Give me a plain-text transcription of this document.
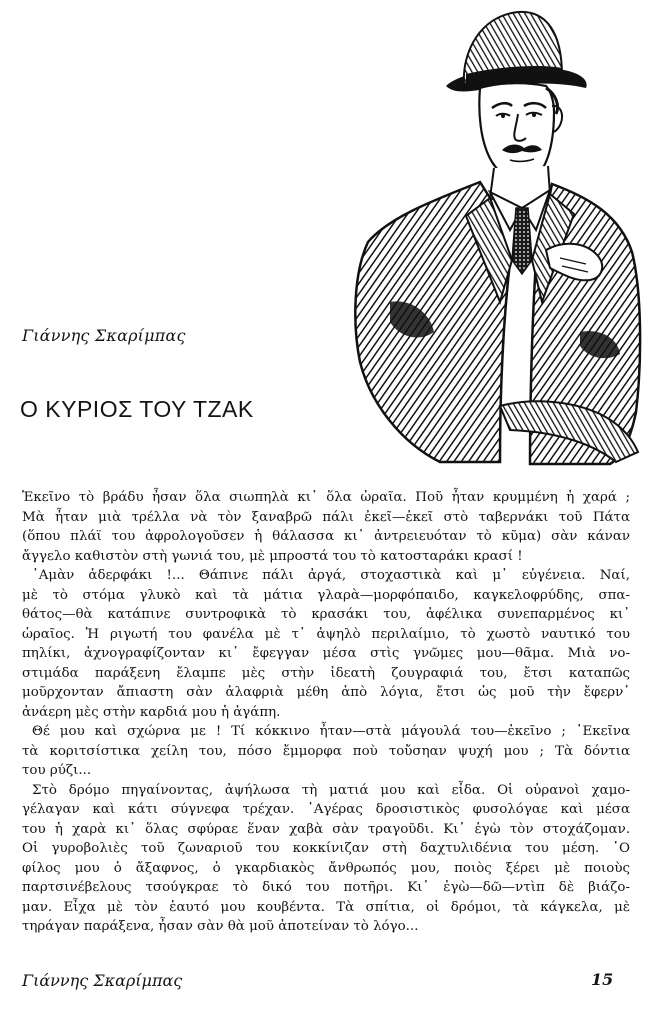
Γιάννης Σκαρίμπας
Ο ΚΥΡΙΟΣ ΤΟΥ ΤΖΑΚ

Ἐκεῖνο τὸ βράδυ ἦσαν ὅλα σιωπηλὰ κι᾽ ὅλα ὡραῖα. Ποῦ ἦταν κρυμμένη ἡ χαρά ;
Μὰ ἦταν μιὰ τρέλλα νὰ τὸν ξαναβρῶ πάλι ἐκεῖ—ἐκεῖ στὸ ταβερνάκι τοῦ Πάτα
(ὅπου πλάϊ του ἀφρολογοῦσεν ἡ θάλασσα κι᾽ ἀντρειευόταν τὸ κῦμα) σὰν κάναν
ἄγγελο καθιστὸν στὴ γωνιά του, μὲ μπροστά του τὸ κατοσταράκι κρασί !

᾽Αμὰν ἀδερφάκι !... Θάπινε πάλι ἀργά, στοχαστικὰ καὶ μ᾽ εὐγένεια. Ναί,
μὲ τὸ στόμα γλυκὸ καὶ τὰ μάτια γλαρὰ—μορφόπαιδο, καγκελοφρύδης, σπα-
θάτος—θὰ κατάπινε συντροφικὰ τὸ κρασάκι του, ἀφέλικα συνεπαρμένος κι᾽
ὡραῖος. Ἡ ριγωτή του φανέλα μὲ τ᾽ ἀψηλὸ περιλαίμιο, τὸ χωστὸ ναυτικό του
πηλίκι, ἀχνογραφίζονταν κι᾽ ἔφεγγαν μέσα στὶς γνῶμες μου—θᾶμα. Μιὰ νο-
στιμάδα παράξενη ἔλαμπε μὲς στὴν ἰδεατὴ ζουγραφιά του, ἔτσι καταπῶς
μοῦρχονταν ἄπιαστη σὰν ἀλαφριὰ μέθη ἀπὸ λόγια, ἔτσι ὡς μοῦ τὴν ἔφερν᾽
ἀνάερη μὲς στὴν καρδιά μου ἡ ἀγάπη.

Θέ μου καὶ σχώρνα με ! Τί κόκκινο ἦταν—στὰ μάγουλά του—ἐκεῖνο ; ᾽Εκεῖνα
τὰ κοριτσίστικα χείλη του, πόσο ἔμμορφα ποὺ τοὔσηαν ψυχή μου ; Τὰ δόντια
του ρύζι...

Στὸ δρόμο πηγαίνοντας, ἀψήλωσα τὴ ματιά μου καὶ εἶδα. Οἱ οὐρανοὶ χαμο-
γέλαγαν καὶ κάτι σύγνεφα τρέχαν. ᾽Αγέρας δροσιστικὸς φυσολόγαε καὶ μέσα
του ἡ χαρὰ κι᾽ ὅλας σφύραε ἕναν χαβὰ σὰν τραγοῦδι. Κι᾽ ἐγὼ τὸν στοχάζομαν.
Οἱ γυροβολιὲς τοῦ ζωναριοῦ του κοκκίνιζαν στὴ δαχτυλιδένια του μέση. ῾Ο
φίλος μου ὁ ἄξαφνος, ὁ γκαρδιακὸς ἄνθρωπός μου, ποιὸς ξέρει μὲ ποιοὺς
παρτσινέβελους τσούγκραε τὸ δικό του ποτῆρι. Κι᾽ ἐγὼ—δῶ—ντὶπ δὲ βιάζο-
μαν. Εἶχα μὲ τὸν ἑαυτό μου κουβέντα. Τὰ σπίτια, οἱ δρόμοι, τὰ κάγκελα, μὲ
τηράγαν παράξενα, ἦσαν σὰν θὰ μοῦ ἀποτείναν τὸ λόγο...

Γιάννης Σκαρίμπας	15
